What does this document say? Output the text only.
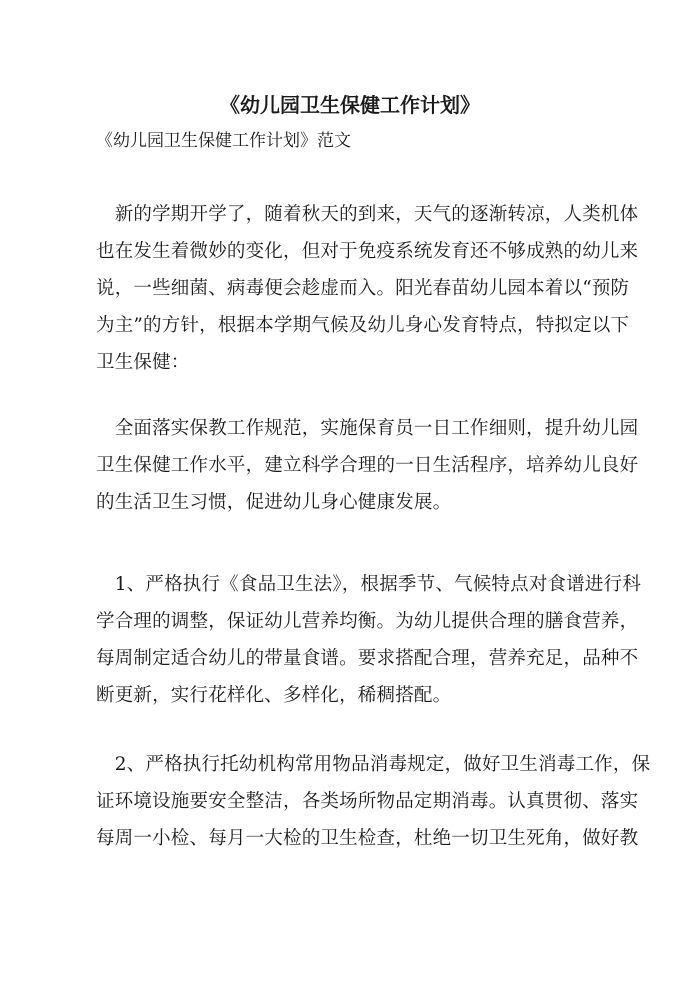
《幼儿园卫生保健工作计划》

《幼儿园卫生保健工作计划》范文

　新的学期开学了，随着秋天的到来，天气的逐渐转凉，人类机体
也在发生着微妙的变化，但对于免疫系统发育还不够成熟的幼儿来
说，一些细菌、病毒便会趁虚而入。阳光春苗幼儿园本着以“预防
为主”的方针，根据本学期气候及幼儿身心发育特点，特拟定以下
卫生保健：
　全面落实保教工作规范，实施保育员一日工作细则，提升幼儿园
卫生保健工作水平，建立科学合理的一日生活程序，培养幼儿良好
的生活卫生习惯，促进幼儿身心健康发展。
　1、严格执行《食品卫生法》，根据季节、气候特点对食谱进行科
学合理的调整，保证幼儿营养均衡。为幼儿提供合理的膳食营养，
每周制定适合幼儿的带量食谱。要求搭配合理，营养充足，品种不
断更新，实行花样化、多样化，稀稠搭配。
　2、严格执行托幼机构常用物品消毒规定，做好卫生消毒工作，保
证环境设施要安全整洁，各类场所物品定期消毒。认真贯彻、落实
每周一小检、每月一大检的卫生检查，杜绝一切卫生死角，做好教
